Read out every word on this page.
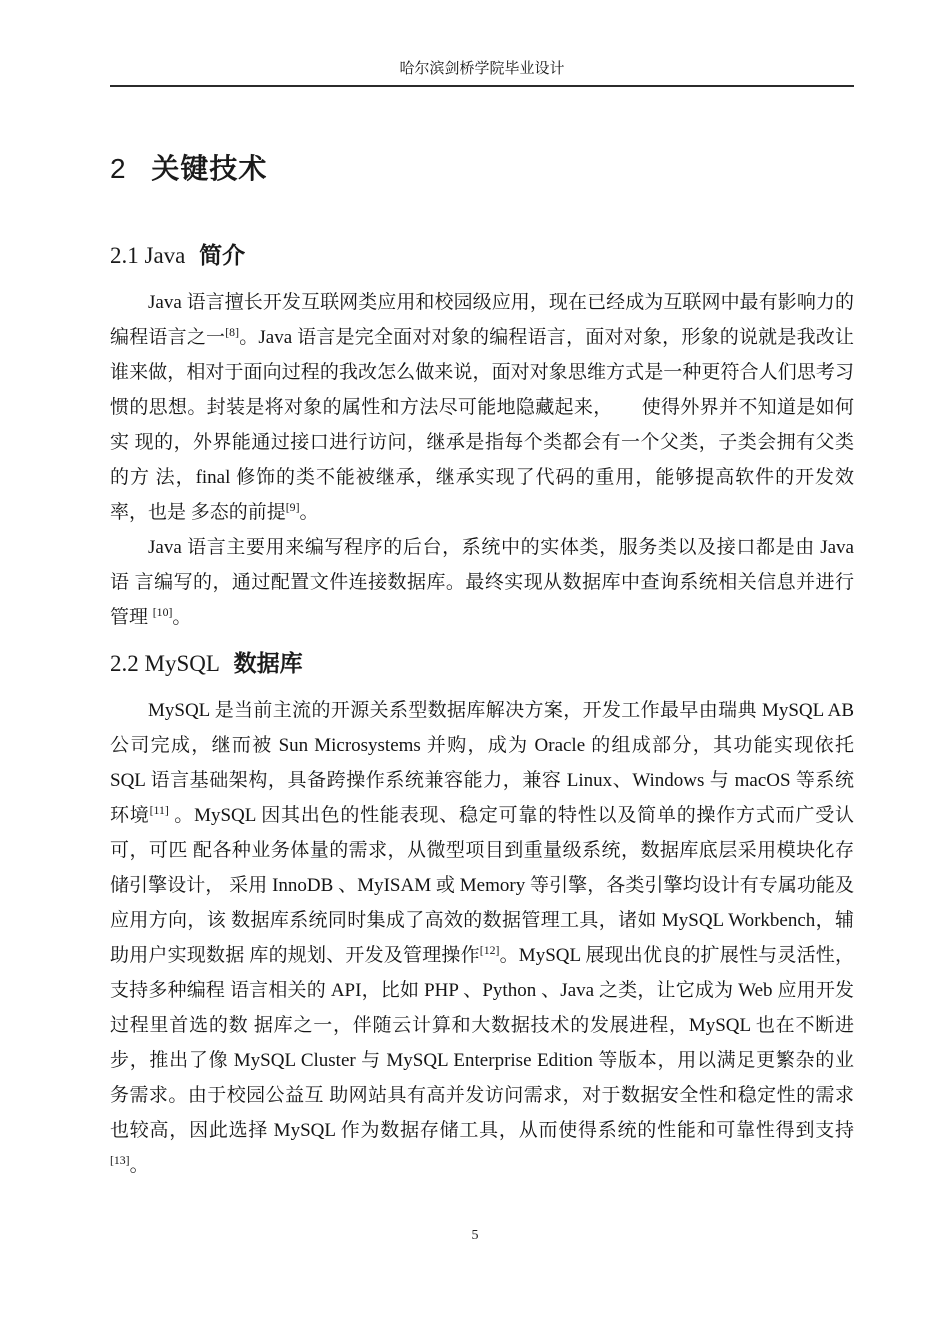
哈尔滨剑桥学院毕业设计
2 关键技术
2.1 Java 简介

Java 语言擅长开发互联网类应用和校园级应用，现在已经成为互联网中最有影响力的编程语言之一[8]。Java 语言是完全面对对象的编程语言，面对对象，形象的说就是我改让谁来做，相对于面向过程的我改怎么做来说，面对对象思维方式是一种更符合人们思考习惯的思想。封装是将对象的属性和方法尽可能地隐藏起来，　　使得外界并不知道是如何实 现的，外界能通过接口进行访问，继承是指每个类都会有一个父类，子类会拥有父类的方 法，final 修饰的类不能被继承，继承实现了代码的重用，能够提高软件的开发效率，也是 多态的前提[9]。

Java 语言主要用来编写程序的后台，系统中的实体类，服务类以及接口都是由 Java 语 言编写的，通过配置文件连接数据库。最终实现从数据库中查询系统相关信息并进行管理 [10]。

2.2 MySQL 数据库

MySQL 是当前主流的开源关系型数据库解决方案，开发工作最早由瑞典 MySQL AB 公司完成，继而被 Sun Microsystems 并购，成为 Oracle 的组成部分，其功能实现依托 SQL 语言基础架构，具备跨操作系统兼容能力，兼容 Linux、Windows 与 macOS 等系统环境[11] 。MySQL 因其出色的性能表现、稳定可靠的特性以及简单的操作方式而广受认可，可匹 配各种业务体量的需求，从微型项目到重量级系统，数据库底层采用模块化存储引擎设计， 采用 InnoDB 、MyISAM 或 Memory 等引擎，各类引擎均设计有专属功能及应用方向，该 数据库系统同时集成了高效的数据管理工具，诸如 MySQL Workbench，辅助用户实现数据 库的规划、开发及管理操作[12]。MySQL 展现出优良的扩展性与灵活性，支持多种编程 语言相关的 API，比如 PHP 、Python 、Java 之类，让它成为 Web 应用开发过程里首选的数 据库之一，伴随云计算和大数据技术的发展进程，MySQL 也在不断进步，推出了像 MySQL Cluster 与 MySQL Enterprise Edition 等版本，用以满足更繁杂的业务需求。由于校园公益互 助网站具有高并发访问需求，对于数据安全性和稳定性的需求也较高，因此选择 MySQL 作为数据存储工具，从而使得系统的性能和可靠性得到支持[13]。

5
